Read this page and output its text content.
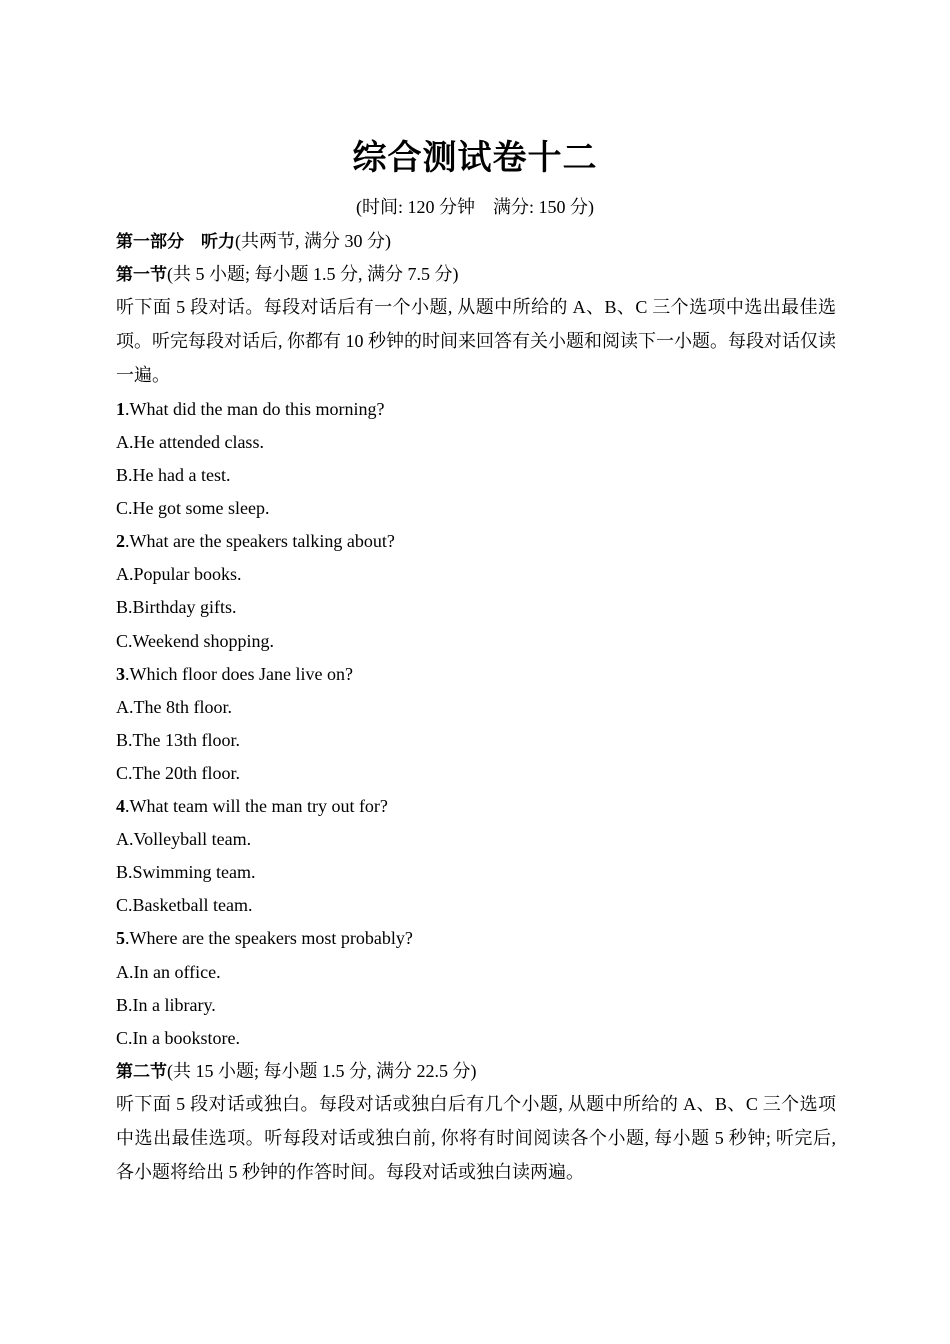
综合测试卷十二
(时间: 120 分钟　满分: 150 分)
第一部分　听力(共两节, 满分 30 分)
第一节(共 5 小题; 每小题 1.5 分, 满分 7.5 分)
听下面 5 段对话。每段对话后有一个小题, 从题中所给的 A、B、C 三个选项中选出最佳选项。听完每段对话后, 你都有 10 秒钟的时间来回答有关小题和阅读下一小题。每段对话仅读一遍。
1.What did the man do this morning?
A.He attended class.
B.He had a test.
C.He got some sleep.
2.What are the speakers talking about?
A.Popular books.
B.Birthday gifts.
C.Weekend shopping.
3.Which floor does Jane live on?
A.The 8th floor.
B.The 13th floor.
C.The 20th floor.
4.What team will the man try out for?
A.Volleyball team.
B.Swimming team.
C.Basketball team.
5.Where are the speakers most probably?
A.In an office.
B.In a library.
C.In a bookstore.
第二节(共 15 小题; 每小题 1.5 分, 满分 22.5 分)
听下面 5 段对话或独白。每段对话或独白后有几个小题, 从题中所给的 A、B、C 三个选项中选出最佳选项。听每段对话或独白前, 你将有时间阅读各个小题, 每小题 5 秒钟; 听完后, 各小题将给出 5 秒钟的作答时间。每段对话或独白读两遍。
